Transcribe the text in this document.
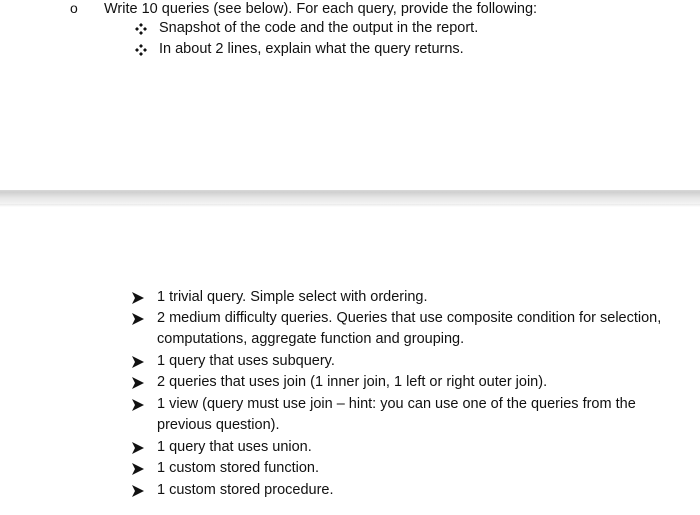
o Write 10 queries (see below). For each query, provide the following:
Snapshot of the code and the output in the report.
In about 2 lines, explain what the query returns.
1 trivial query. Simple select with ordering.
2 medium difficulty queries. Queries that use composite condition for selection,
computations, aggregate function and grouping.
1 query that uses subquery.
2 queries that uses join (1 inner join, 1 left or right outer join).
1 view (query must use join – hint: you can use one of the queries from the
previous question).
1 query that uses union.
1 custom stored function.
1 custom stored procedure.
